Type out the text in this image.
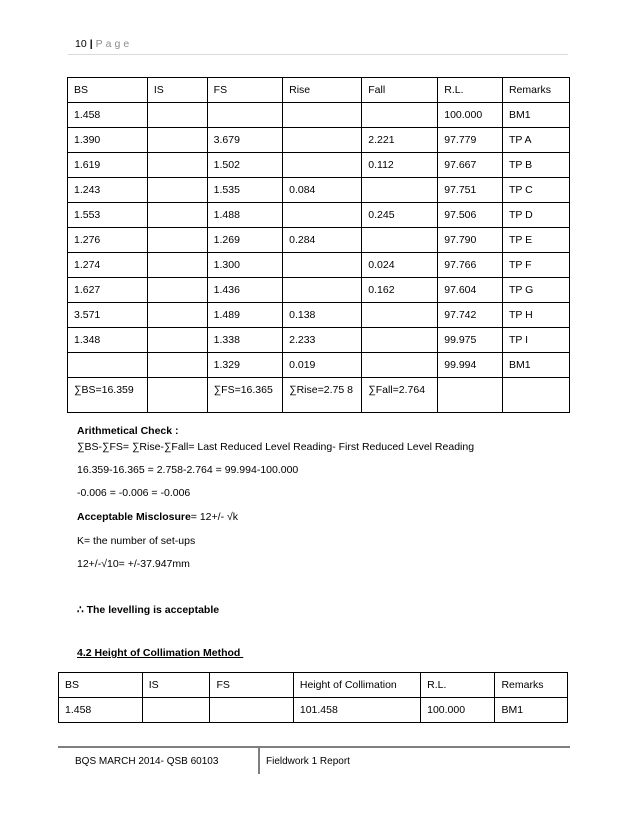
10 | Page
BS	IS	FS	Rise	Fall	R.L.	Remarks
1.458					100.000	BM1
1.390		3.679		2.221	97.779	TP A
1.619		1.502		0.112	97.667	TP B
1.243		1.535	0.084		97.751	TP C
1.553		1.488		0.245	97.506	TP D
1.276		1.269	0.284		97.790	TP E
1.274		1.300		0.024	97.766	TP F
1.627		1.436		0.162	97.604	TP G
3.571		1.489	0.138		97.742	TP H
1.348		1.338	2.233		99.975	TP I
		1.329	0.019		99.994	BM1
∑BS=16.359		∑FS=16.365	∑Rise=2.75 8	∑Fall=2.764		
Arithmetical Check :
∑BS-∑FS= ∑Rise-∑Fall= Last Reduced Level Reading- First Reduced Level Reading
16.359-16.365 = 2.758-2.764 = 99.994-100.000
-0.006 = -0.006 = -0.006
Acceptable Misclosure= 12+/- √k
K= the number of set-ups
12+/-√10= +/-37.947mm
∴ The levelling is acceptable
4.2 Height of Collimation Method
BS	IS	FS	Height of Collimation	R.L.	Remarks
1.458			101.458	100.000	BM1
BQS MARCH 2014- QSB 60103	Fieldwork 1 Report
